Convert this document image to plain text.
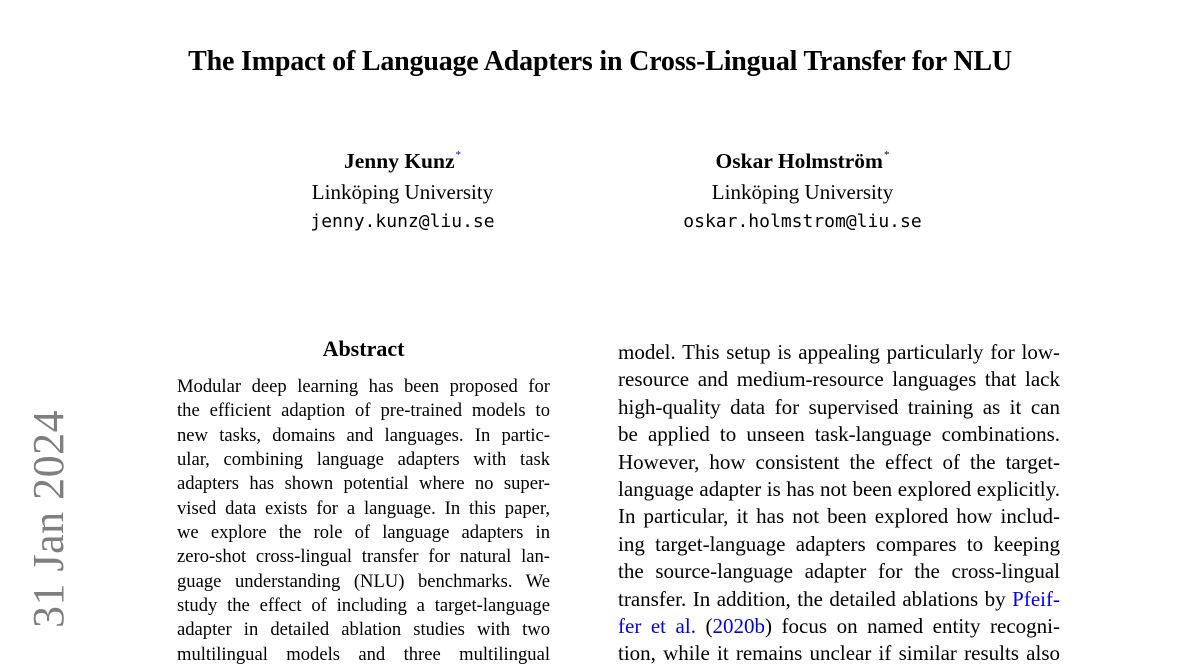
The Impact of Language Adapters in Cross-Lingual Transfer for NLU
Jenny Kunz*
Linköping University
jenny.kunz@liu.se
Oskar Holmström*
Linköping University
oskar.holmstrom@liu.se
31 Jan 2024
Abstract
Modular deep learning has been proposed for
the efficient adaption of pre-trained models to
new tasks, domains and languages. In partic-
ular, combining language adapters with task
adapters has shown potential where no super-
vised data exists for a language. In this paper,
we explore the role of language adapters in
zero-shot cross-lingual transfer for natural lan-
guage understanding (NLU) benchmarks. We
study the effect of including a target-language
adapter in detailed ablation studies with two
multilingual models and three multilingual
model. This setup is appealing particularly for low-
resource and medium-resource languages that lack
high-quality data for supervised training as it can
be applied to unseen task-language combinations.
However, how consistent the effect of the target-
language adapter is has not been explored explicitly.
In particular, it has not been explored how includ-
ing target-language adapters compares to keeping
the source-language adapter for the cross-lingual
transfer. In addition, the detailed ablations by Pfeif-
fer et al. (2020b) focus on named entity recogni-
tion, while it remains unclear if similar results also
